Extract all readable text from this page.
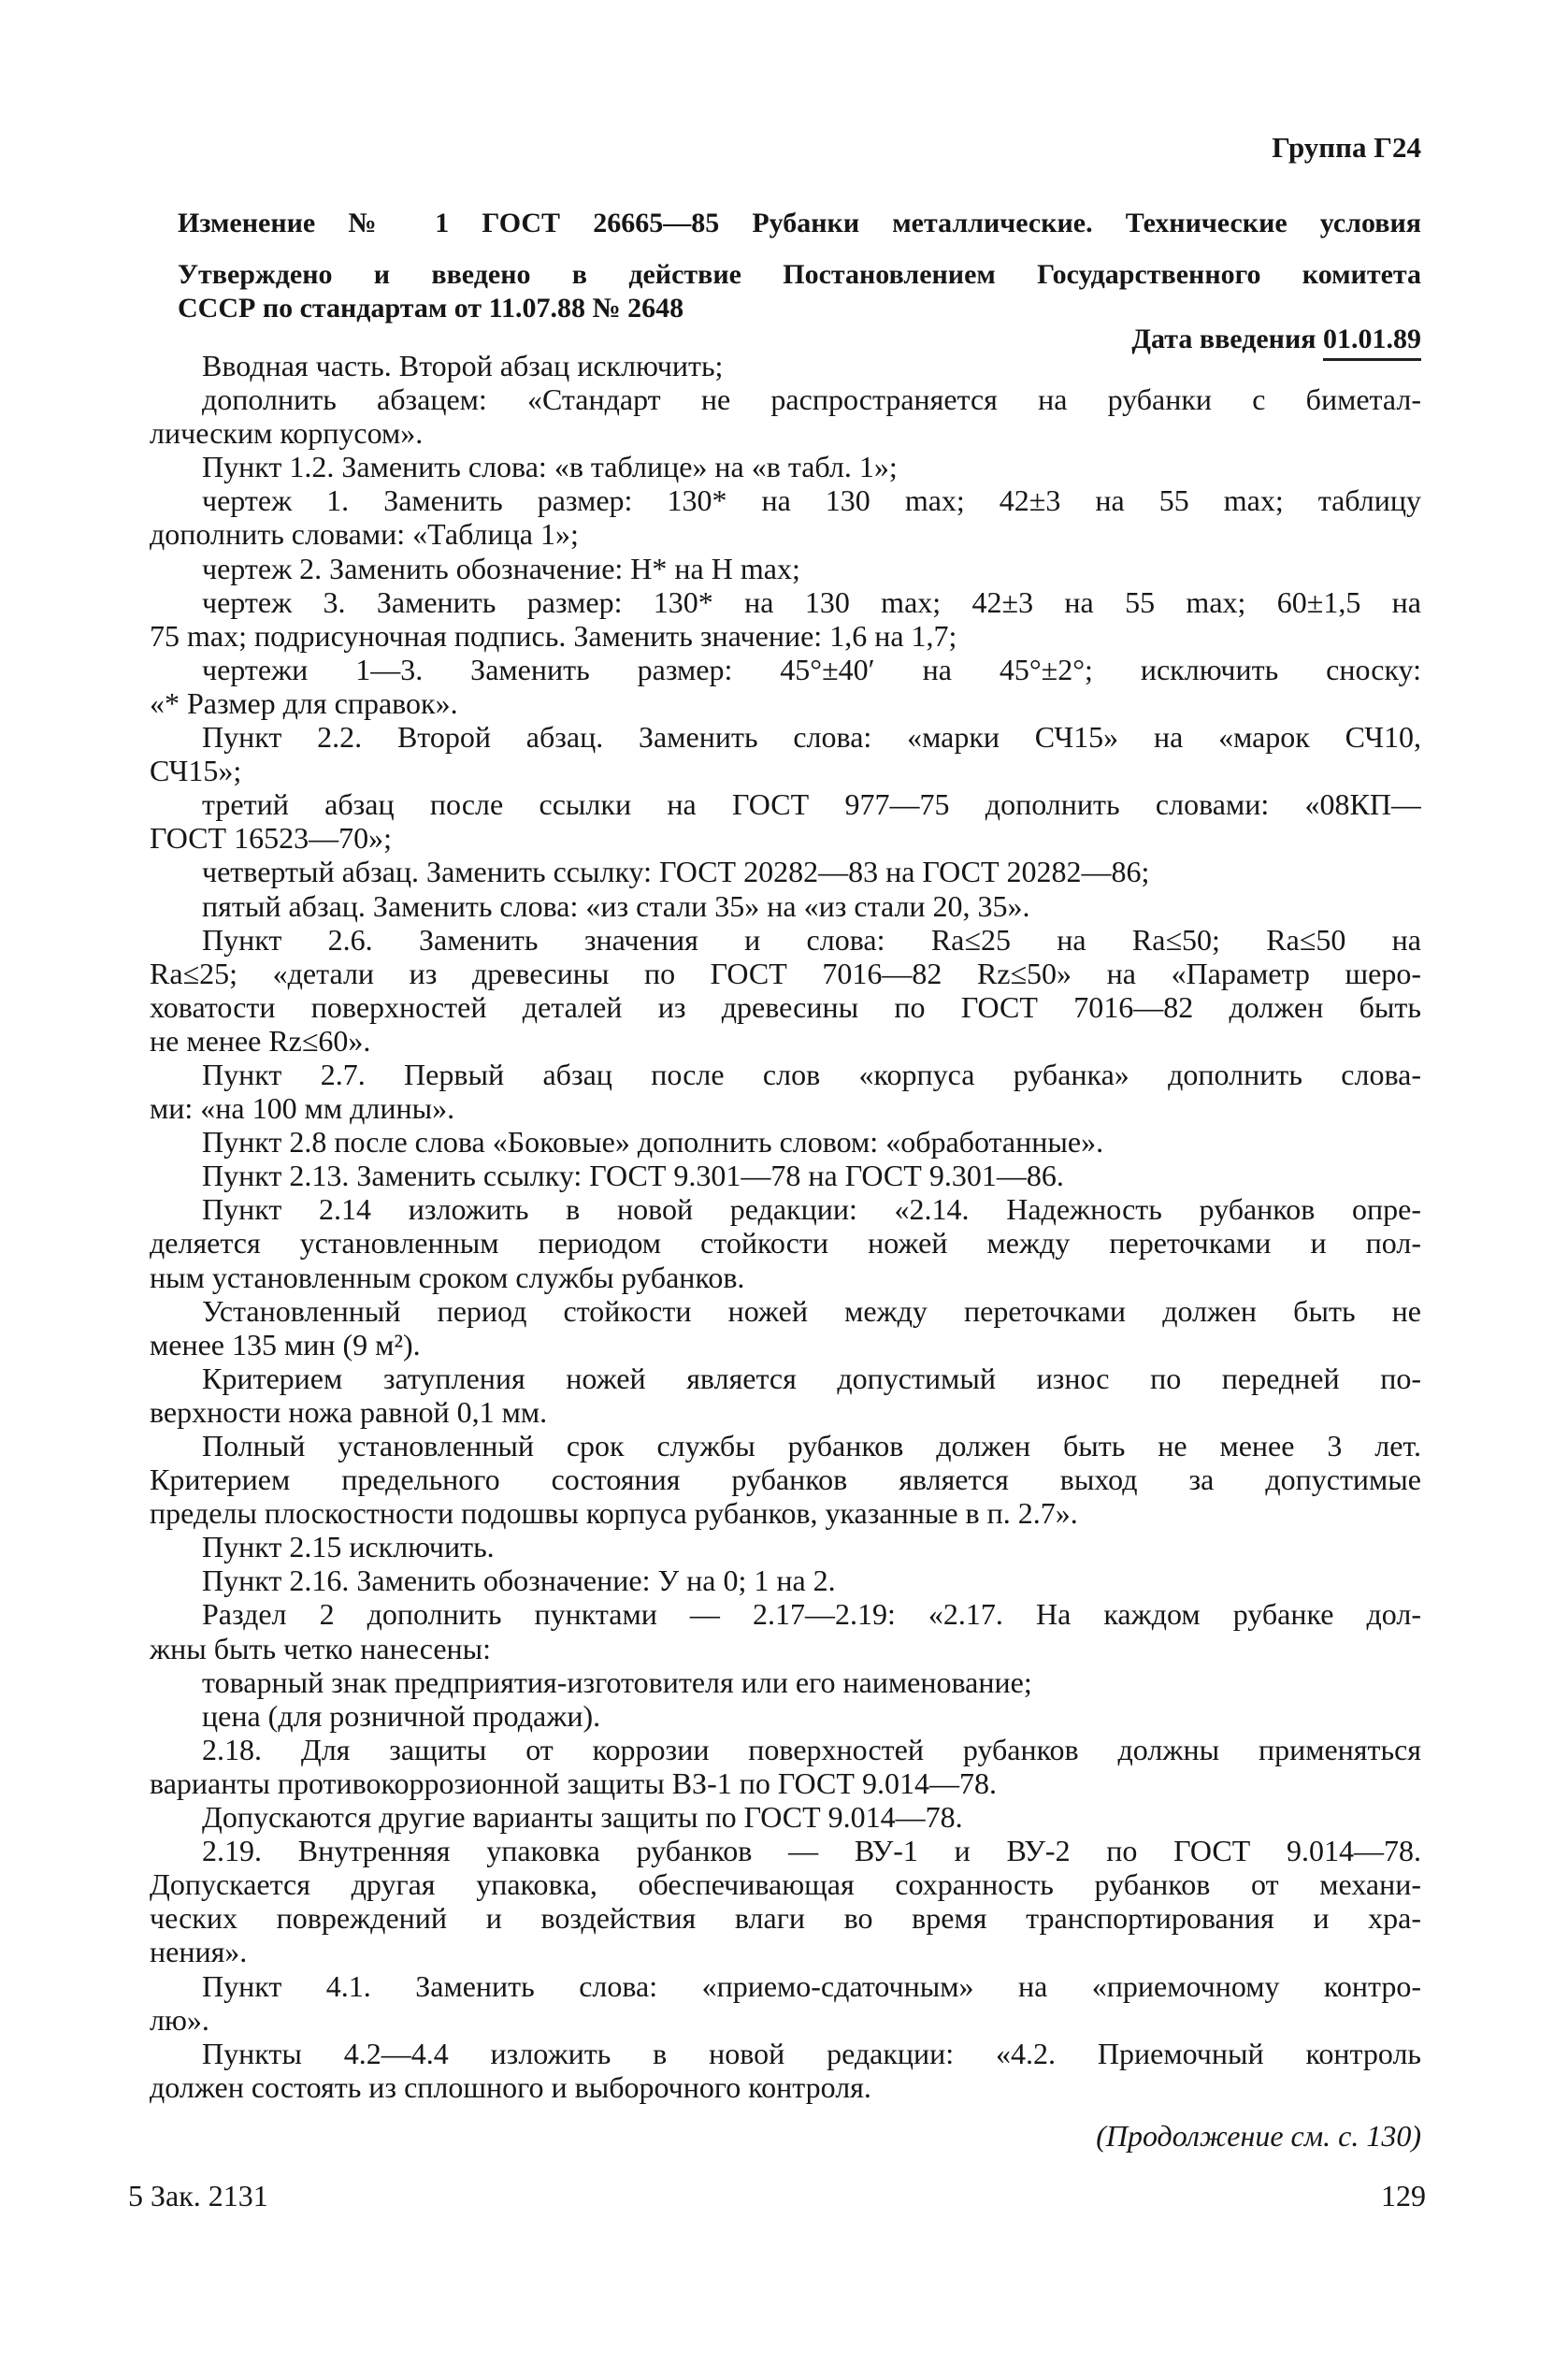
Группа Г24
Изменение № 1 ГОСТ 26665—85 Рубанки металлические. Технические условия
Утверждено и введено в действие Постановлением Государственного комитета
СССР по стандартам от 11.07.88 № 2648
Дата введения 01.01.89
Вводная часть. Второй абзац исключить;
дополнить абзацем: «Стандарт не распространяется на рубанки с биметал-
лическим корпусом».
Пункт 1.2. Заменить слова: «в таблице» на «в табл. 1»;
чертеж 1. Заменить размер: 130* на 130 max; 42±3 на 55 max; таблицу
дополнить словами: «Таблица 1»;
чертеж 2. Заменить обозначение: H* на H max;
чертеж 3. Заменить размер: 130* на 130 max; 42±3 на 55 max; 60±1,5 на
75 max; подрисуночная подпись. Заменить значение: 1,6 на 1,7;
чертежи 1—3. Заменить размер: 45°±40′ на 45°±2°; исключить сноску:
«* Размер для справок».
Пункт 2.2. Второй абзац. Заменить слова: «марки СЧ15» на «марок СЧ10,
СЧ15»;
третий абзац после ссылки на ГОСТ 977—75 дополнить словами: «08КП—
ГОСТ 16523—70»;
четвертый абзац. Заменить ссылку: ГОСТ 20282—83 на ГОСТ 20282—86;
пятый абзац. Заменить слова: «из стали 35» на «из стали 20, 35».
Пункт 2.6. Заменить значения и слова: Ra≤25 на Ra≤50; Ra≤50 на
Ra≤25; «детали из древесины по ГОСТ 7016—82 Rz≤50» на «Параметр шеро-
ховатости поверхностей деталей из древесины по ГОСТ 7016—82 должен быть
не менее Rz≤60».
Пункт 2.7. Первый абзац после слов «корпуса рубанка» дополнить слова-
ми: «на 100 мм длины».
Пункт 2.8 после слова «Боковые» дополнить словом: «обработанные».
Пункт 2.13. Заменить ссылку: ГОСТ 9.301—78 на ГОСТ 9.301—86.
Пункт 2.14 изложить в новой редакции: «2.14. Надежность рубанков опре-
деляется установленным периодом стойкости ножей между переточками и пол-
ным установленным сроком службы рубанков.
Установленный период стойкости ножей между переточками должен быть не
менее 135 мин (9 м²).
Критерием затупления ножей является допустимый износ по передней по-
верхности ножа равной 0,1 мм.
Полный установленный срок службы рубанков должен быть не менее 3 лет.
Критерием предельного состояния рубанков является выход за допустимые
пределы плоскостности подошвы корпуса рубанков, указанные в п. 2.7».
Пункт 2.15 исключить.
Пункт 2.16. Заменить обозначение: У на 0; 1 на 2.
Раздел 2 дополнить пунктами — 2.17—2.19: «2.17. На каждом рубанке дол-
жны быть четко нанесены:
товарный знак предприятия-изготовителя или его наименование;
цена (для розничной продажи).
2.18. Для защиты от коррозии поверхностей рубанков должны применяться
варианты противокоррозионной защиты ВЗ-1 по ГОСТ 9.014—78.
Допускаются другие варианты защиты по ГОСТ 9.014—78.
2.19. Внутренняя упаковка рубанков — ВУ-1 и ВУ-2 по ГОСТ 9.014—78.
Допускается другая упаковка, обеспечивающая сохранность рубанков от механи-
ческих повреждений и воздействия влаги во время транспортирования и хра-
нения».
Пункт 4.1. Заменить слова: «приемо-сдаточным» на «приемочному контро-
лю».
Пункты 4.2—4.4 изложить в новой редакции: «4.2. Приемочный контроль
должен состоять из сплошного и выборочного контроля.
(Продолжение см. с. 130)
5 Зак. 2131	129
